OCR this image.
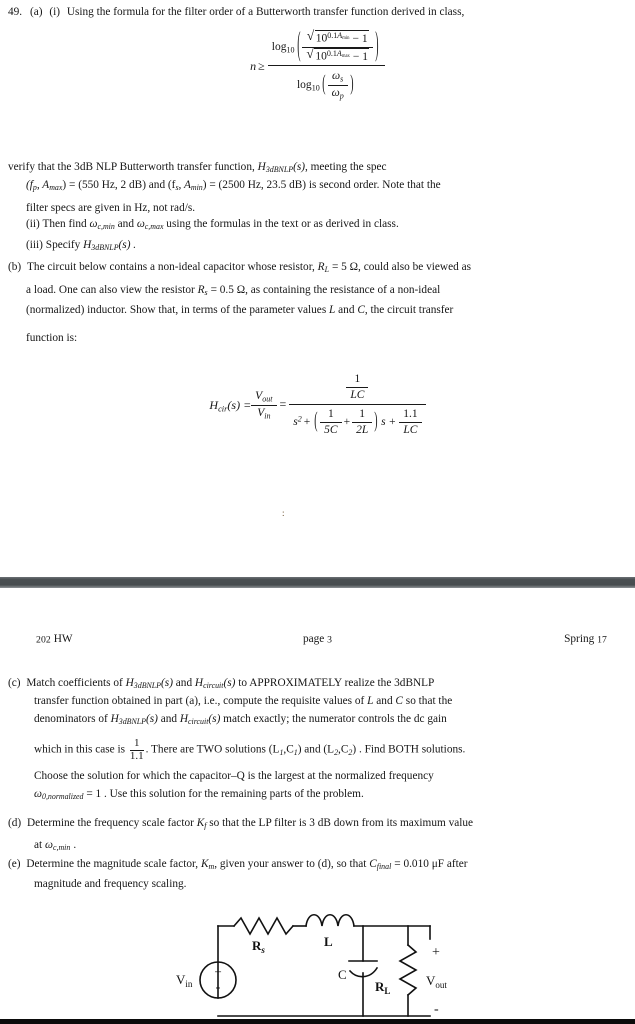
49. (a) (i) Using the formula for the filter order of a Butterworth transfer function derived in class,
n ≥
$\log_{10}$ ( $\frac{√ 10^{0.1Amin} - 1}{√ 10^{0.1Amax} - 1}$ )
$\log_{10}$ ( $\frac{\omega_s}{\omega_p}$ )
verify that the 3dB NLP Butterworth transfer function, $H_{3dBNLP}(s)$, meeting the spec
($f_p$, $A_{max}) = (550$ Hz, 2 dB) and ($f_s$, $A_{min}) = (2500$ Hz, 23.5 dB) is second order. Note that the
filter specs are given in Hz, not rad/s.
(ii) Then find $\omega_{c,min}$ and $\omega_{c,max}$ using the formulas in the text or as derived in class.
(iii) Specify $H_{3dBNLP}(s)$ .
(b) The circuit below contains a non-ideal capacitor whose resistor, $R_L = 5$ Ω, could also be viewed as
a load. One can also view the resistor $R_s = 0.5$ Ω, as containing the resistance of a non-ideal
(normalized) inductor. Show that, in terms of the parameter values L and C, the circuit transfer
function is:
$H_{cir}(s) = \frac{V_{out}}{V_{in}}$ =
$\frac{1}{LC}$
$s^2$ + ( $\frac{1}{5C} + \frac{1}{2L}$ ) $s + \frac{1.1}{LC}$
:
202 HW	page 3	Spring 17
(c) Match coefficients of $H_{3dBNLP}(s)$ and $H_{circuit}(s)$ to APPROXIMATELY realize the 3dBNLP
transfer function obtained in part (a), i.e., compute the requisite values of L and C so that the
denominators of $H_{3dBNLP}(s)$ and $H_{circuit}(s)$ match exactly; the numerator controls the dc gain
which in this case is $\frac{1}{1.1}$ . There are TWO solutions $(L_1,C_1)$ and $(L_2,C_2)$ . Find BOTH solutions.
Choose the solution for which the capacitor–Q is the largest at the normalized frequency
$\omega_{0,normalized} = 1$ . Use this solution for the remaining parts of the problem.
(d) Determine the frequency scale factor $K_f$ so that the LP filter is 3 dB down from its maximum value
at $\omega_{c,min}$ .
(e) Determine the magnitude scale factor, $K_m$, given your answer to (d), so that $C_{final} = 0.010$ μF after
magnitude and frequency scaling.
+
-
$V_{in}$
$R_s$
L
C
$R_L$
+
$V_{out}$
-
